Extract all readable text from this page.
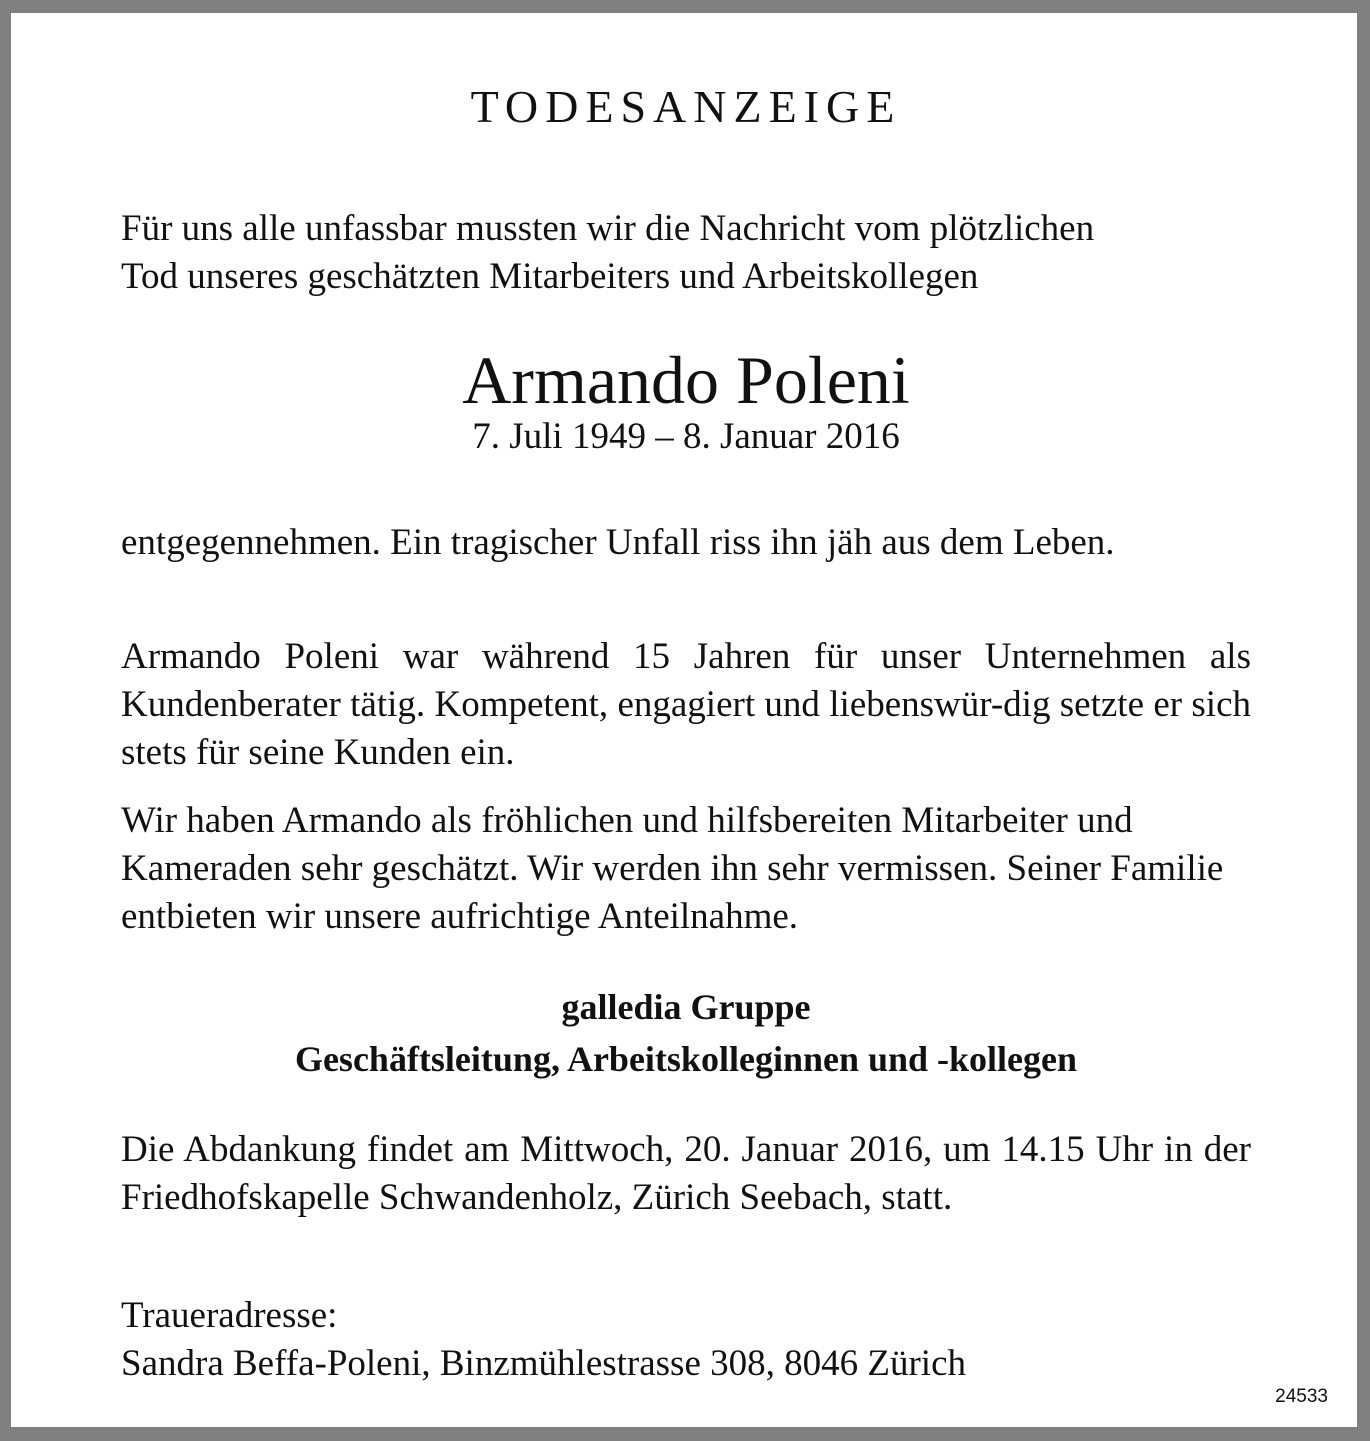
TODESANZEIGE
Für uns alle unfassbar mussten wir die Nachricht vom plötzlichen
Tod unseres geschätzten Mitarbeiters und Arbeitskollegen
Armando Poleni
7. Juli 1949 – 8. Januar 2016
entgegennehmen. Ein tragischer Unfall riss ihn jäh aus dem Leben.
Armando Poleni war während 15 Jahren für unser Unternehmen als Kundenberater tätig. Kompetent, engagiert und liebenswür-dig setzte er sich stets für seine Kunden ein.
Wir haben Armando als fröhlichen und hilfsbereiten Mitarbeiter und Kameraden sehr geschätzt. Wir werden ihn sehr vermissen. Seiner Familie entbieten wir unsere aufrichtige Anteilnahme.
galledia Gruppe
Geschäftsleitung, Arbeitskolleginnen und -kollegen
Die Abdankung findet am Mittwoch, 20. Januar 2016, um 14.15 Uhr in der Friedhofskapelle Schwandenholz, Zürich Seebach, statt.
Traueradresse:
Sandra Beffa-Poleni, Binzmühlestrasse 308, 8046 Zürich
24533
